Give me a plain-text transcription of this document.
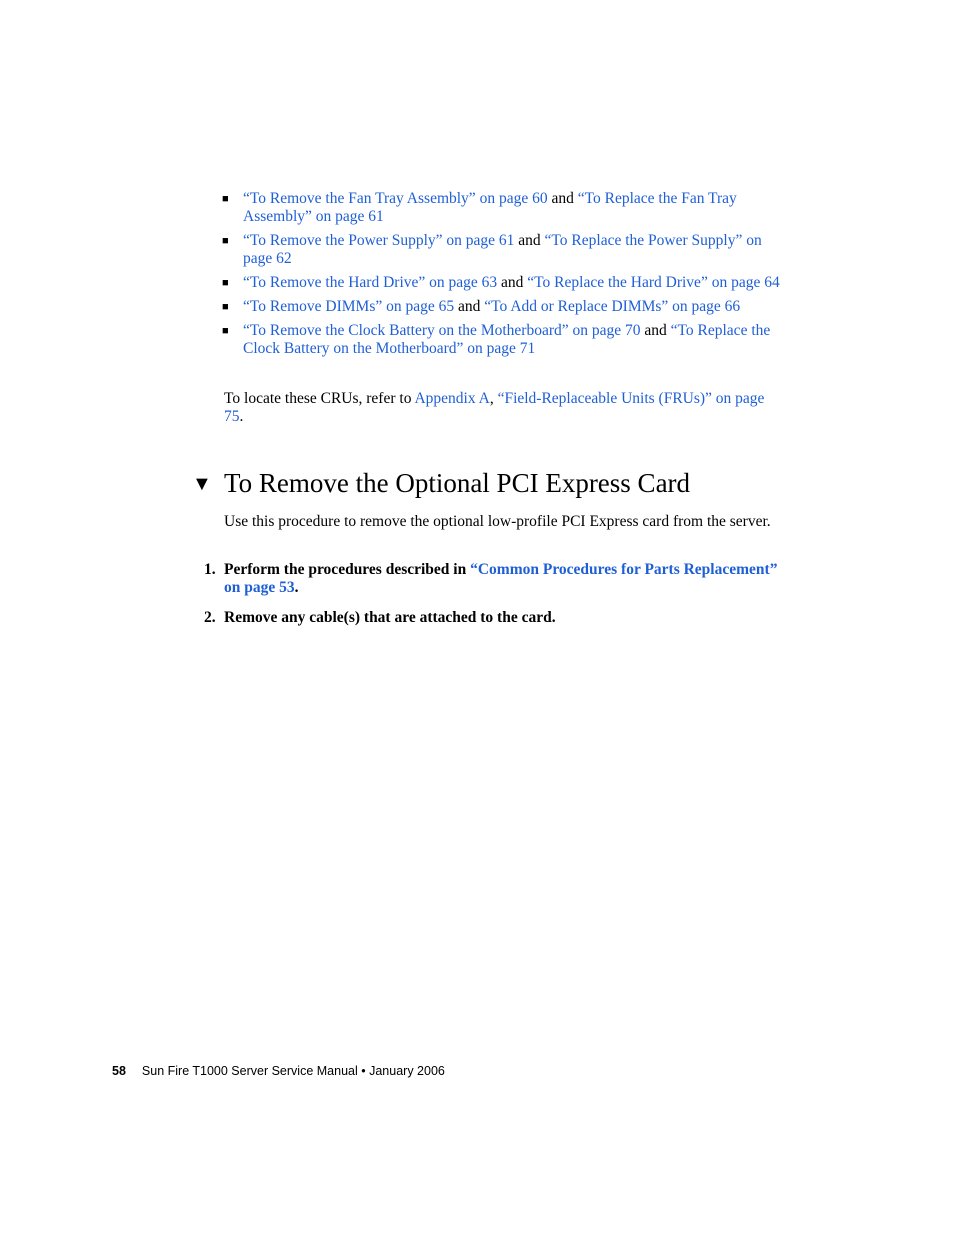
■ “To Remove the Fan Tray Assembly” on page 60 and “To Replace the Fan Tray Assembly” on page 61
■ “To Remove the Power Supply” on page 61 and “To Replace the Power Supply” on page 62
■ “To Remove the Hard Drive” on page 63 and “To Replace the Hard Drive” on page 64
■ “To Remove DIMMs” on page 65 and “To Add or Replace DIMMs” on page 66
■ “To Remove the Clock Battery on the Motherboard” on page 70 and “To Replace the Clock Battery on the Motherboard” on page 71

To locate these CRUs, refer to Appendix A, “Field-Replaceable Units (FRUs)” on page 75.

▼ To Remove the Optional PCI Express Card

Use this procedure to remove the optional low-profile PCI Express card from the server.

1. Perform the procedures described in “Common Procedures for Parts Replacement” on page 53.

2. Remove any cable(s) that are attached to the card.

58 Sun Fire T1000 Server Service Manual • January 2006
